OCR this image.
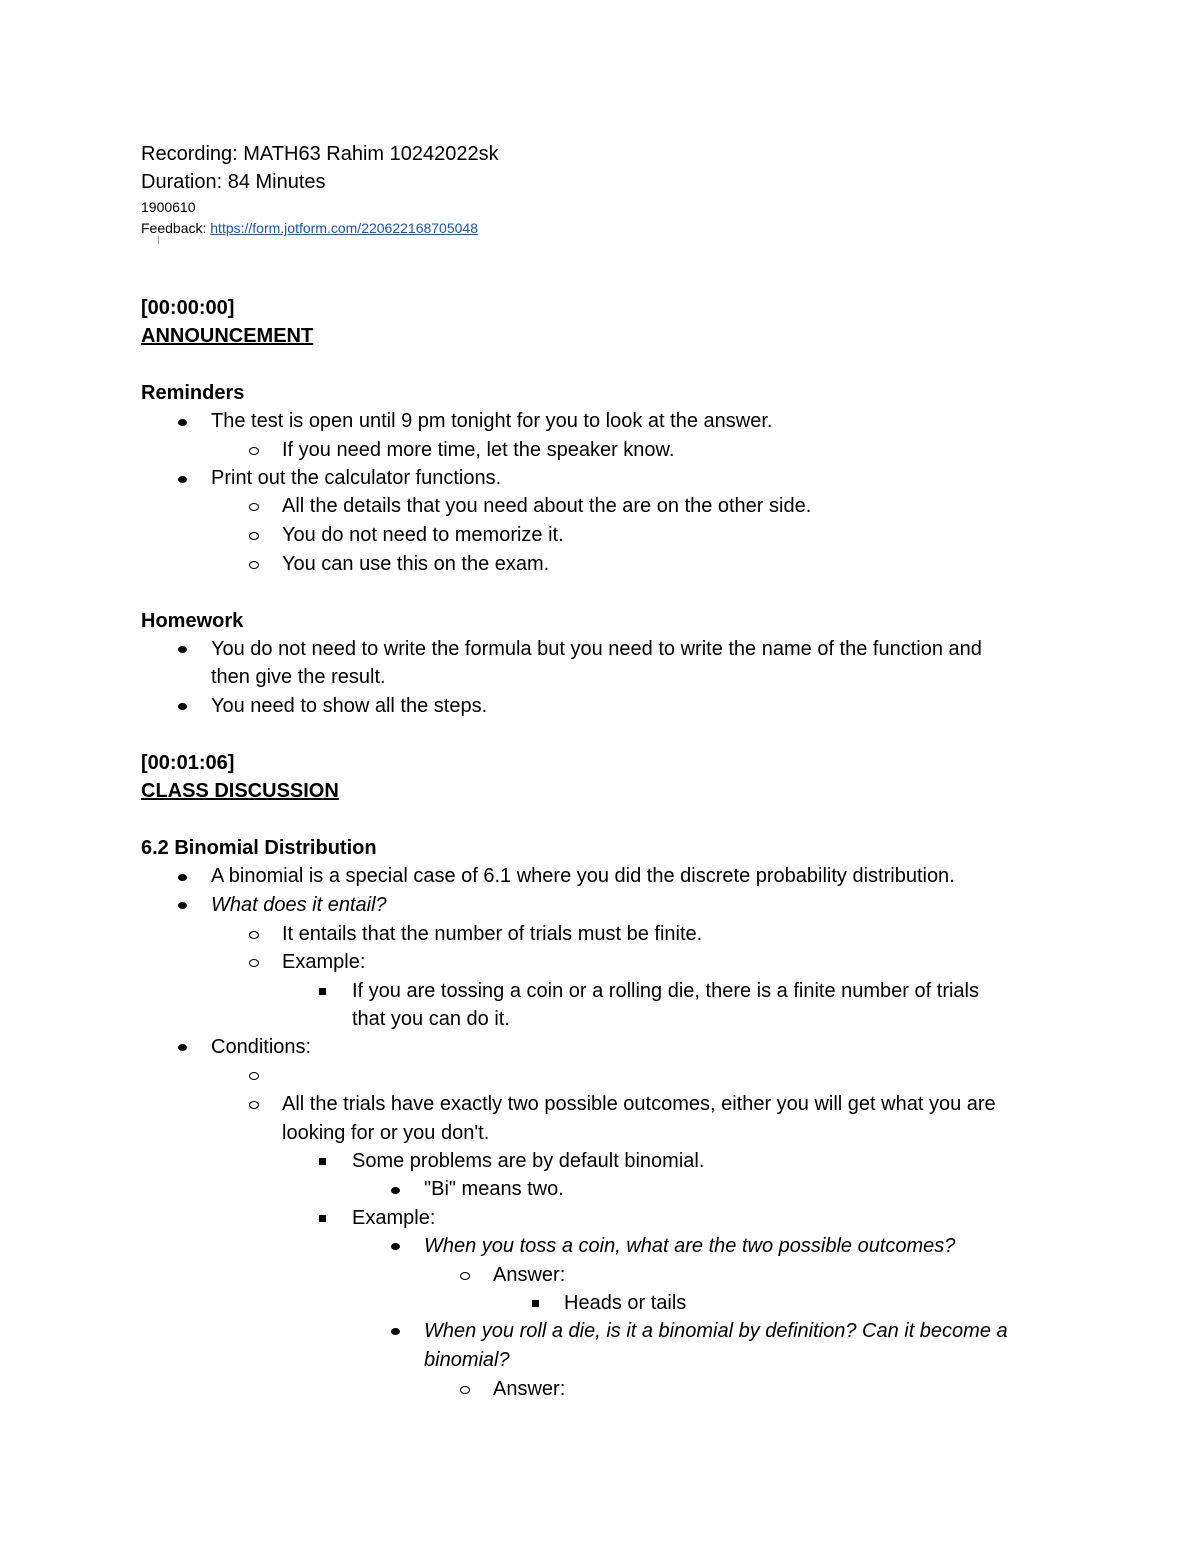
Recording: MATH63 Rahim 10242022sk
Duration: 84 Minutes
1900610
Feedback: https://form.jotform.com/220622168705048
[00:00:00]
ANNOUNCEMENT
Reminders
The test is open until 9 pm tonight for you to look at the answer.
If you need more time, let the speaker know.
Print out the calculator functions.
All the details that you need about the are on the other side.
You do not need to memorize it.
You can use this on the exam.
Homework
You do not need to write the formula but you need to write the name of the function and
then give the result.
You need to show all the steps.
[00:01:06]
CLASS DISCUSSION
6.2 Binomial Distribution
A binomial is a special case of 6.1 where you did the discrete probability distribution.
What does it entail?
It entails that the number of trials must be finite.
Example:
If you are tossing a coin or a rolling die, there is a finite number of trials
that you can do it.
Conditions:
All the trials have exactly two possible outcomes, either you will get what you are
looking for or you don't.
Some problems are by default binomial.
"Bi" means two.
Example:
When you toss a coin, what are the two possible outcomes?
Answer:
Heads or tails
When you roll a die, is it a binomial by definition? Can it become a
binomial?
Answer:
